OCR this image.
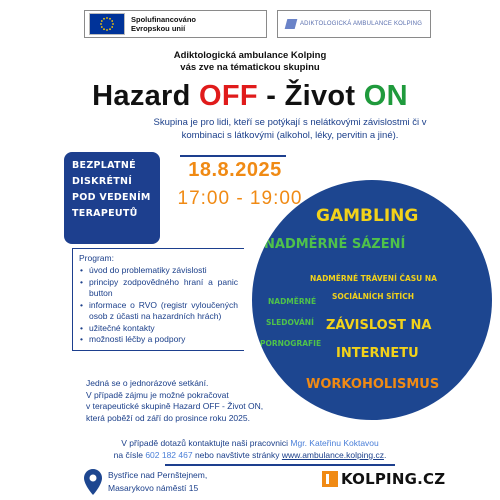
Spolufinancováno
Evropskou unií	ADIKTOLOGICKÁ AMBULANCE KOLPING
Adiktologická ambulance Kolping
vás zve na tématickou skupinu
Hazard OFF - Život ON
Skupina je pro lidi, kteří se potýkají s nelátkovými závislostmi či v kombinaci s látkovými (alkohol, léky, pervitin a jiné).
BEZPLATNÉ
DISKRÉTNÍ
POD VEDENÍM
TERAPEUTŮ
18.8.2025
17:00 - 19:00
GAMBLING
NADMĚRNÉ SÁZENÍ
NADMĚRNÉ TRÁVENÍ ČASU NA
SOCIÁLNÍCH SÍTÍCH
NADMĚRNÉ
SLEDOVÁNÍ
PORNOGRAFIE
ZÁVISLOST NA
INTERNETU
WORKOHOLISMUS
Program:
• úvod do problematiky závislosti
• principy zodpovědného hraní a panic button
• informace o RVO (registr vyloučených osob z účasti na hazardních hrách)
• užitečné kontakty
• možnosti léčby a podpory
Jedná se o jednorázové setkání.
V případě zájmu je možné pokračovat
v terapeutické skupině Hazard OFF - Život ON,
která poběží od září do prosince roku 2025.
V případě dotazů kontaktujte naši pracovnici Mgr. Kateřinu Koktavou
na čísle 602 182 467 nebo navštivte stránky www.ambulance.kolping.cz.
Bystřice nad Pernštejnem,
Masarykovo náměstí 15	KOLPING.CZ
